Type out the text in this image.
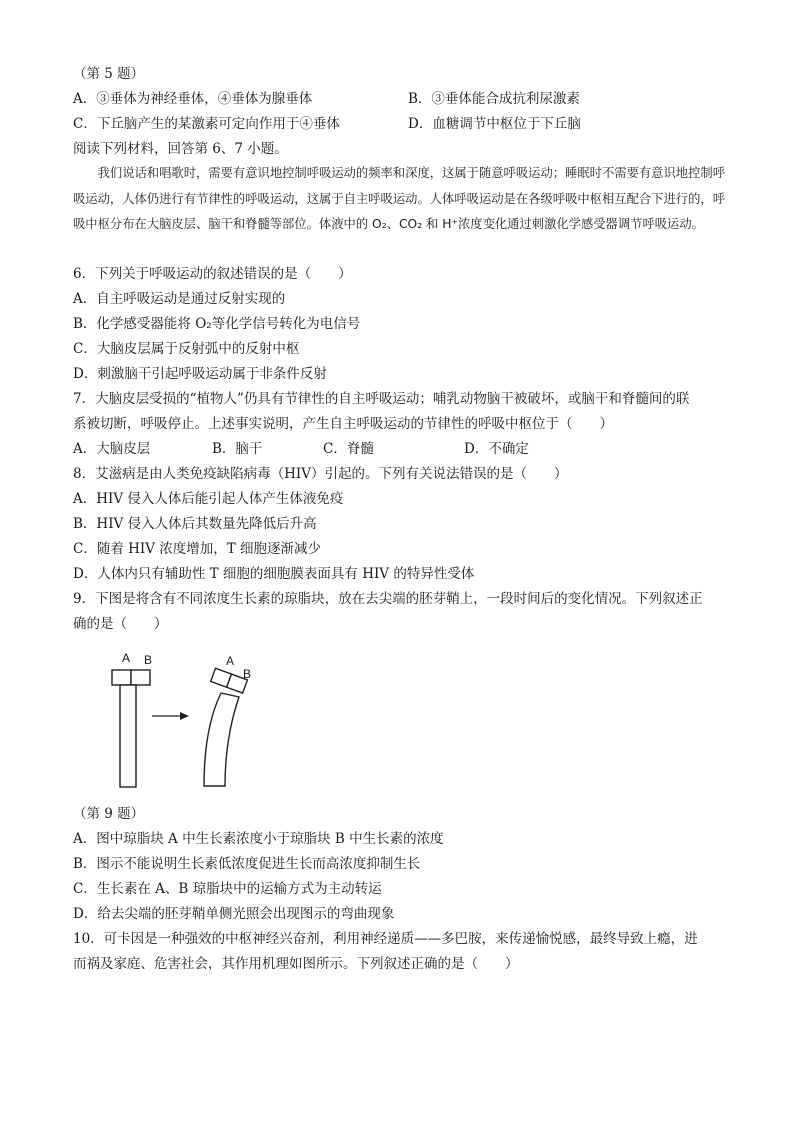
（第 5 题）
A．③垂体为神经垂体，④垂体为腺垂体	B．③垂体能合成抗利尿激素
C．下丘脑产生的某激素可定向作用于④垂体	D．血糖调节中枢位于下丘脑
阅读下列材料，回答第 6、7 小题。

我们说话和唱歌时，需要有意识地控制呼吸运动的频率和深度，这属于随意呼吸运动；睡眠时不需要有意识地控制呼吸运动，人体仍进行有节律性的呼吸运动，这属于自主呼吸运动。人体呼吸运动是在各级呼吸中枢相互配合下进行的，呼吸中枢分布在大脑皮层、脑干和脊髓等部位。体液中的 O₂、CO₂ 和 H⁺浓度变化通过刺激化学感受器调节呼吸运动。

6．下列关于呼吸运动的叙述错误的是（　　）
A．自主呼吸运动是通过反射实现的
B．化学感受器能将 O₂等化学信号转化为电信号
C．大脑皮层属于反射弧中的反射中枢
D．刺激脑干引起呼吸运动属于非条件反射
7．大脑皮层受损的“植物人”仍具有节律性的自主呼吸运动；哺乳动物脑干被破坏，或脑干和脊髓间的联
系被切断，呼吸停止。上述事实说明，产生自主呼吸运动的节律性的呼吸中枢位于（　　）
A．大脑皮层	B．脑干	C．脊髓	D．不确定
8．艾滋病是由人类免疫缺陷病毒（HIV）引起的。下列有关说法错误的是（　　）
A．HIV 侵入人体后能引起人体产生体液免疫
B．HIV 侵入人体后其数量先降低后升高
C．随着 HIV 浓度增加，T 细胞逐渐减少
D．人体内只有辅助性 T 细胞的细胞膜表面具有 HIV 的特异性受体
9．下图是将含有不同浓度生长素的琼脂块，放在去尖端的胚芽鞘上，一段时间后的变化情况。下列叙述正
确的是（　　）
A B	A
B
（第 9 题）
A．图中琼脂块 A 中生长素浓度小于琼脂块 B 中生长素的浓度
B．图示不能说明生长素低浓度促进生长而高浓度抑制生长
C．生长素在 A、B 琼脂块中的运输方式为主动转运
D．给去尖端的胚芽鞘单侧光照会出现图示的弯曲现象
10．可卡因是一种强效的中枢神经兴奋剂，利用神经递质——多巴胺，来传递愉悦感，最终导致上瘾，进
而祸及家庭、危害社会，其作用机理如图所示。下列叙述正确的是（　　）
